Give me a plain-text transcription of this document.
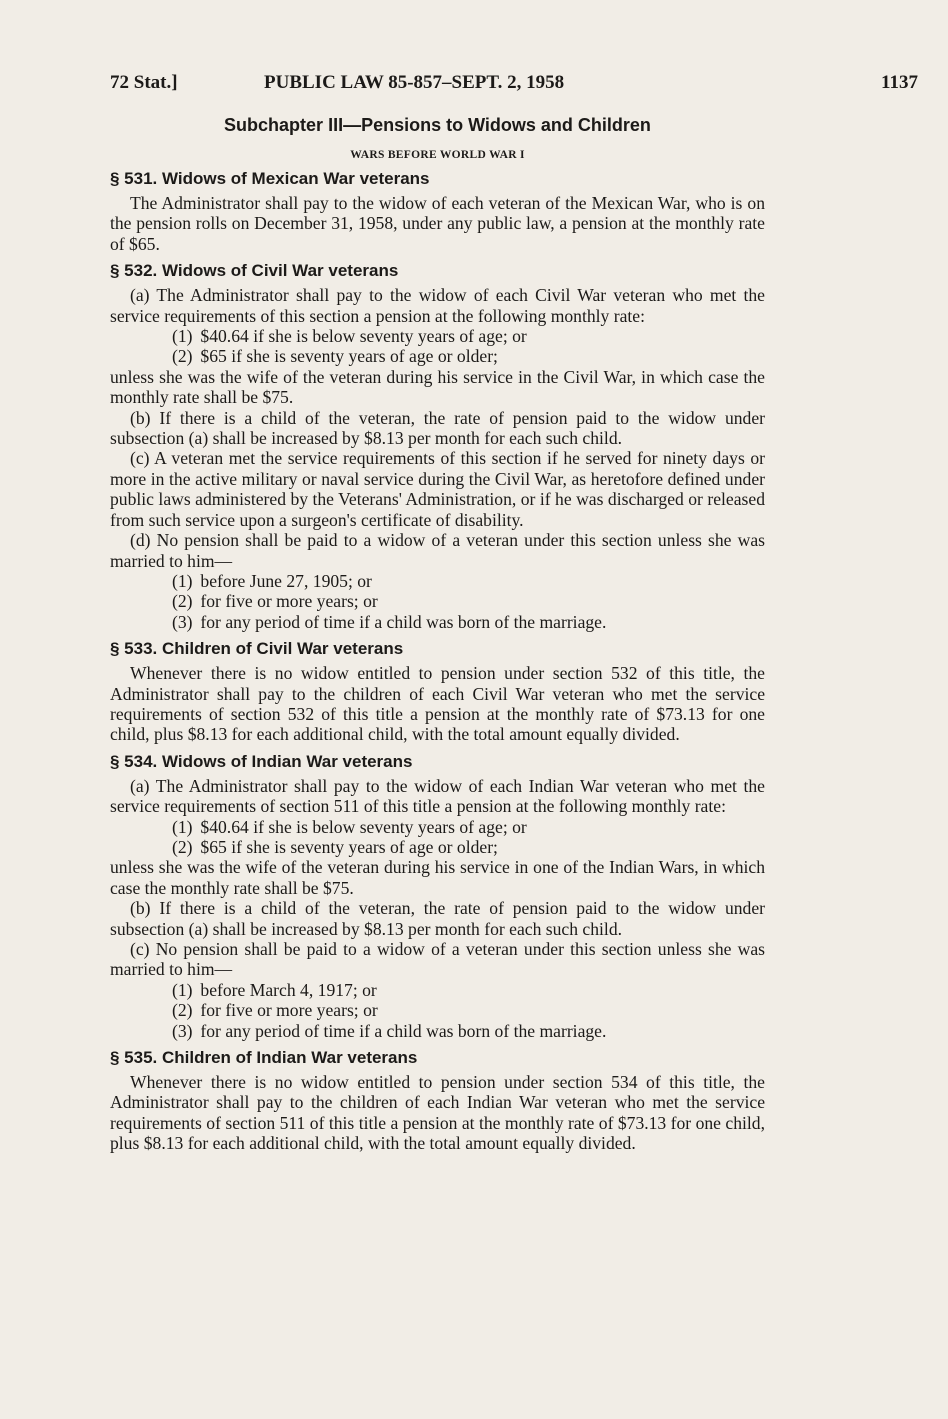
72 Stat.]	PUBLIC LAW 85-857–SEPT. 2, 1958	1137
Subchapter III—Pensions to Widows and Children
WARS BEFORE WORLD WAR I
§ 531. Widows of Mexican War veterans

The Administrator shall pay to the widow of each veteran of the Mexican War, who is on the pension rolls on December 31, 1958, under any public law, a pension at the monthly rate of $65.

§ 532. Widows of Civil War veterans

(a) The Administrator shall pay to the widow of each Civil War veteran who met the service requirements of this section a pension at the following monthly rate:

(1) $40.64 if she is below seventy years of age; or
(2) $65 if she is seventy years of age or older;

unless she was the wife of the veteran during his service in the Civil War, in which case the monthly rate shall be $75.

(b) If there is a child of the veteran, the rate of pension paid to the widow under subsection (a) shall be increased by $8.13 per month for each such child.

(c) A veteran met the service requirements of this section if he served for ninety days or more in the active military or naval service during the Civil War, as heretofore defined under public laws administered by the Veterans' Administration, or if he was discharged or released from such service upon a surgeon's certificate of disability.

(d) No pension shall be paid to a widow of a veteran under this section unless she was married to him—

(1) before June 27, 1905; or
(2) for five or more years; or
(3) for any period of time if a child was born of the marriage.
§ 533. Children of Civil War veterans

Whenever there is no widow entitled to pension under section 532 of this title, the Administrator shall pay to the children of each Civil War veteran who met the service requirements of section 532 of this title a pension at the monthly rate of $73.13 for one child, plus $8.13 for each additional child, with the total amount equally divided.

§ 534. Widows of Indian War veterans

(a) The Administrator shall pay to the widow of each Indian War veteran who met the service requirements of section 511 of this title a pension at the following monthly rate:

(1) $40.64 if she is below seventy years of age; or
(2) $65 if she is seventy years of age or older;

unless she was the wife of the veteran during his service in one of the Indian Wars, in which case the monthly rate shall be $75.

(b) If there is a child of the veteran, the rate of pension paid to the widow under subsection (a) shall be increased by $8.13 per month for each such child.

(c) No pension shall be paid to a widow of a veteran under this section unless she was married to him—

(1) before March 4, 1917; or
(2) for five or more years; or
(3) for any period of time if a child was born of the marriage.
§ 535. Children of Indian War veterans

Whenever there is no widow entitled to pension under section 534 of this title, the Administrator shall pay to the children of each Indian War veteran who met the service requirements of section 511 of this title a pension at the monthly rate of $73.13 for one child, plus $8.13 for each additional child, with the total amount equally divided.
